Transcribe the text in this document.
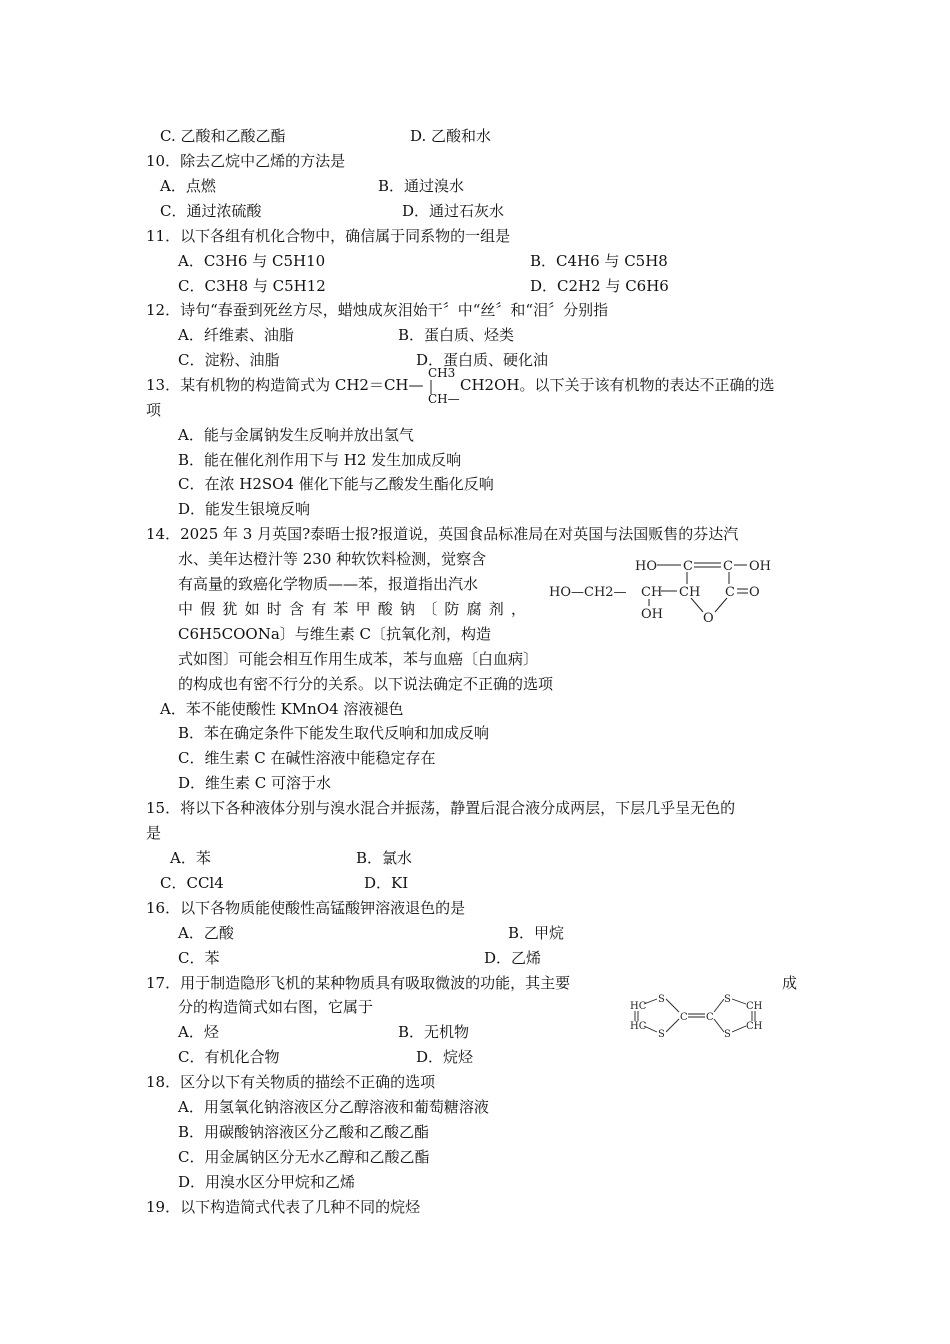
C. 乙酸和乙酸乙酯	D. 乙酸和水
10．除去乙烷中乙烯的方法是
A．点燃	B．通过溴水
C．通过浓硫酸	D．通过石灰水
11．以下各组有机化合物中，确信属于同系物的一组是
A．C3H6 与 C5H10	B．C4H6 与 C5H8
C．C3H8 与 C5H12	D．C2H2 与 C6H6
12．诗句“春蚕到死丝方尽，蜡烛成灰泪始干〞中“丝〞和“泪〞分别指
A．纤维素、油脂	B．蛋白质、烃类
C．淀粉、油脂	D．蛋白质、硬化油
13．某有机物的构造简式为 CH2＝CH—
CH3
CH—
CH2OH。以下关于该有机物的表达不正确的选
项
A．能与金属钠发生反响并放出氢气
B．能在催化剂作用下与 H2 发生加成反响
C．在浓 H2SO4 催化下能与乙酸发生酯化反响
D．能发生银境反响
14．2025 年 3 月英国?泰晤士报?报道说，英国食品标准局在对英国与法国贩售的芬达汽
水、美年达橙汁等 230 种软饮料检测，觉察含
有高量的致癌化学物质——苯，报道指出汽水
中假犹如时含有苯甲酸钠〔防腐剂，
C6H5COONa〕与维生素 C〔抗氧化剂，构造
式如图〕可能会相互作用生成苯，苯与血癌〔白血病〕
的构成也有密不行分的关系。以下说法确定不正确的选项
HO C C OH
HO—CH2— CH CH C O
OH	O
A．苯不能使酸性 KMnO4 溶液褪色
B．苯在确定条件下能发生取代反响和加成反响
C．维生素 C 在碱性溶液中能稳定存在
D．维生素 C 可溶于水
15．将以下各种液体分别与溴水混合并振荡，静置后混合液分成两层，下层几乎呈无色的
是
A．苯	B．氯水
C．CCl4	D．KI
16．以下各物质能使酸性高锰酸钾溶液退色的是
A．乙酸	B．甲烷
C．苯	D．乙烯
17．用于制造隐形飞机的某种物质具有吸取微波的功能，其主要	成
分的构造简式如右图，它属于
A．烃	B．无机物
C．有机化合物	D．烷烃
HC
HC
S
S
C C
S
S
CH
CH
18．区分以下有关物质的描绘不正确的选项
A．用氢氧化钠溶液区分乙醇溶液和葡萄糖溶液
B．用碳酸钠溶液区分乙酸和乙酸乙酯
C．用金属钠区分无水乙醇和乙酸乙酯
D．用溴水区分甲烷和乙烯
19．以下构造简式代表了几种不同的烷烃
